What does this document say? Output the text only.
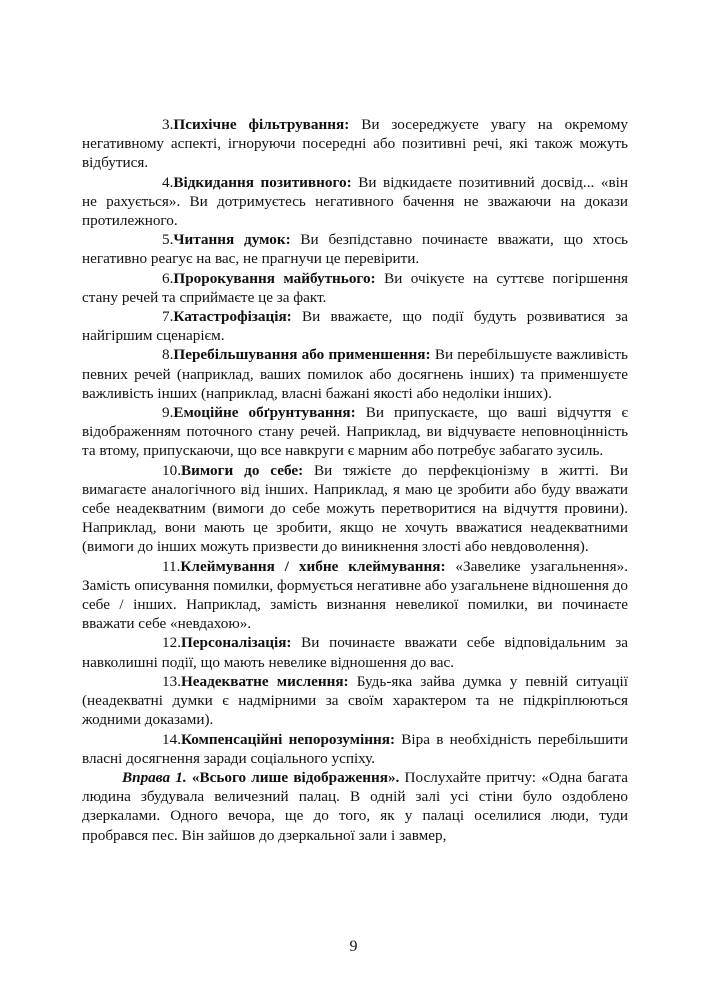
3.Психічне фільтрування: Ви зосереджуєте увагу на окремому негативному аспекті, ігноруючи посередні або позитивні речі, які також можуть відбутися.

4.Відкидання позитивного: Ви відкидаєте позитивний досвід... «він не рахується». Ви дотримуєтесь негативного бачення не зважаючи на докази протилежного.

5.Читання думок: Ви безпідставно починаєте вважати, що хтось негативно реагує на вас, не прагнучи це перевірити.

6.Пророкування майбутнього: Ви очікуєте на суттєве погіршення стану речей та сприймаєте це за факт.

7.Катастрофізація: Ви вважаєте, що події будуть розвиватися за найгіршим сценарієм.

8.Перебільшування або применшення: Ви перебільшуєте важливість певних речей (наприклад, ваших помилок або досягнень інших) та применшуєте важливість інших (наприклад, власні бажані якості або недоліки інших).

9.Емоційне обґрунтування: Ви припускаєте, що ваші відчуття є відображенням поточного стану речей. Наприклад, ви відчуваєте неповноцінність та втому, припускаючи, що все навкруги є марним або потребує забагато зусиль.

10.Вимоги до себе: Ви тяжієте до перфекціонізму в житті. Ви вимагаєте аналогічного від інших. Наприклад, я маю це зробити або буду вважати себе неадекватним (вимоги до себе можуть перетворитися на відчуття провини). Наприклад, вони мають це зробити, якщо не хочуть вважатися неадекватними (вимоги до інших можуть призвести до виникнення злості або невдоволення).

11.Клеймування / хибне клеймування: «Завелике узагальнення». Замість описування помилки, формується негативне або узагальнене відношення до себе / інших. Наприклад, замість визнання невеликої помилки, ви починаєте вважати себе «невдахою».

12.Персоналізація: Ви починаєте вважати себе відповідальним за навколишні події, що мають невелике відношення до вас.

13.Неадекватне мислення: Будь-яка зайва думка у певній ситуації (неадекватні думки є надмірними за своїм характером та не підкріплюються жодними доказами).

14.Компенсаційні непорозуміння: Віра в необхідність перебільшити власні досягнення заради соціального успіху.

Вправа 1. «Всього лише відображення». Послухайте притчу: «Одна багата людина збудувала величезний палац. В одній залі усі стіни було оздоблено дзеркалами. Одного вечора, ще до того, як у палаці оселилися люди, туди пробрався пес. Він зайшов до дзеркальної зали і завмер,

9
